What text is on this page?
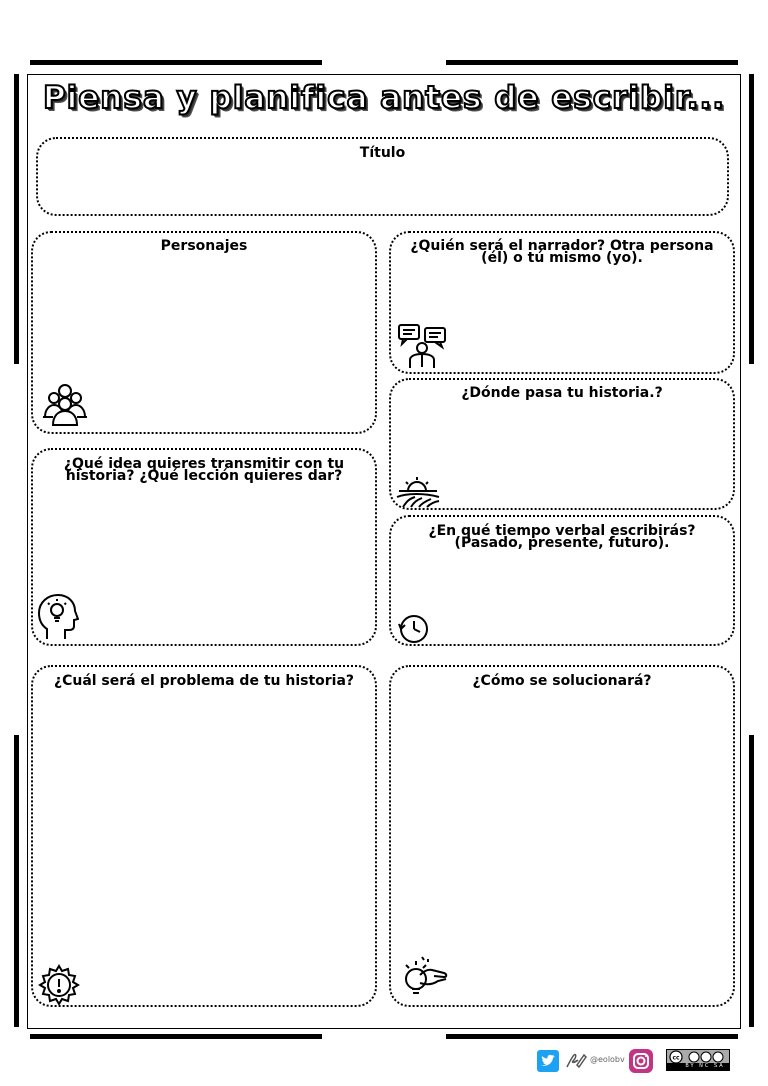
Piensa y planifica antes de escribir...
Título
Personajes	¿Quién será el narrador? Otra persona
(él) o tú mismo (yo).
¿Qué idea quieres transmitir con tu
historia? ¿Qué lección quieres dar?
¿Dónde pasa tu historia.?
¿En qué tiempo verbal escribirás?
(Pasado, presente, futuro).
¿Cuál será el problema de tu historia?	¿Cómo se solucionará?
@eolobv	cc
BY NC SA
